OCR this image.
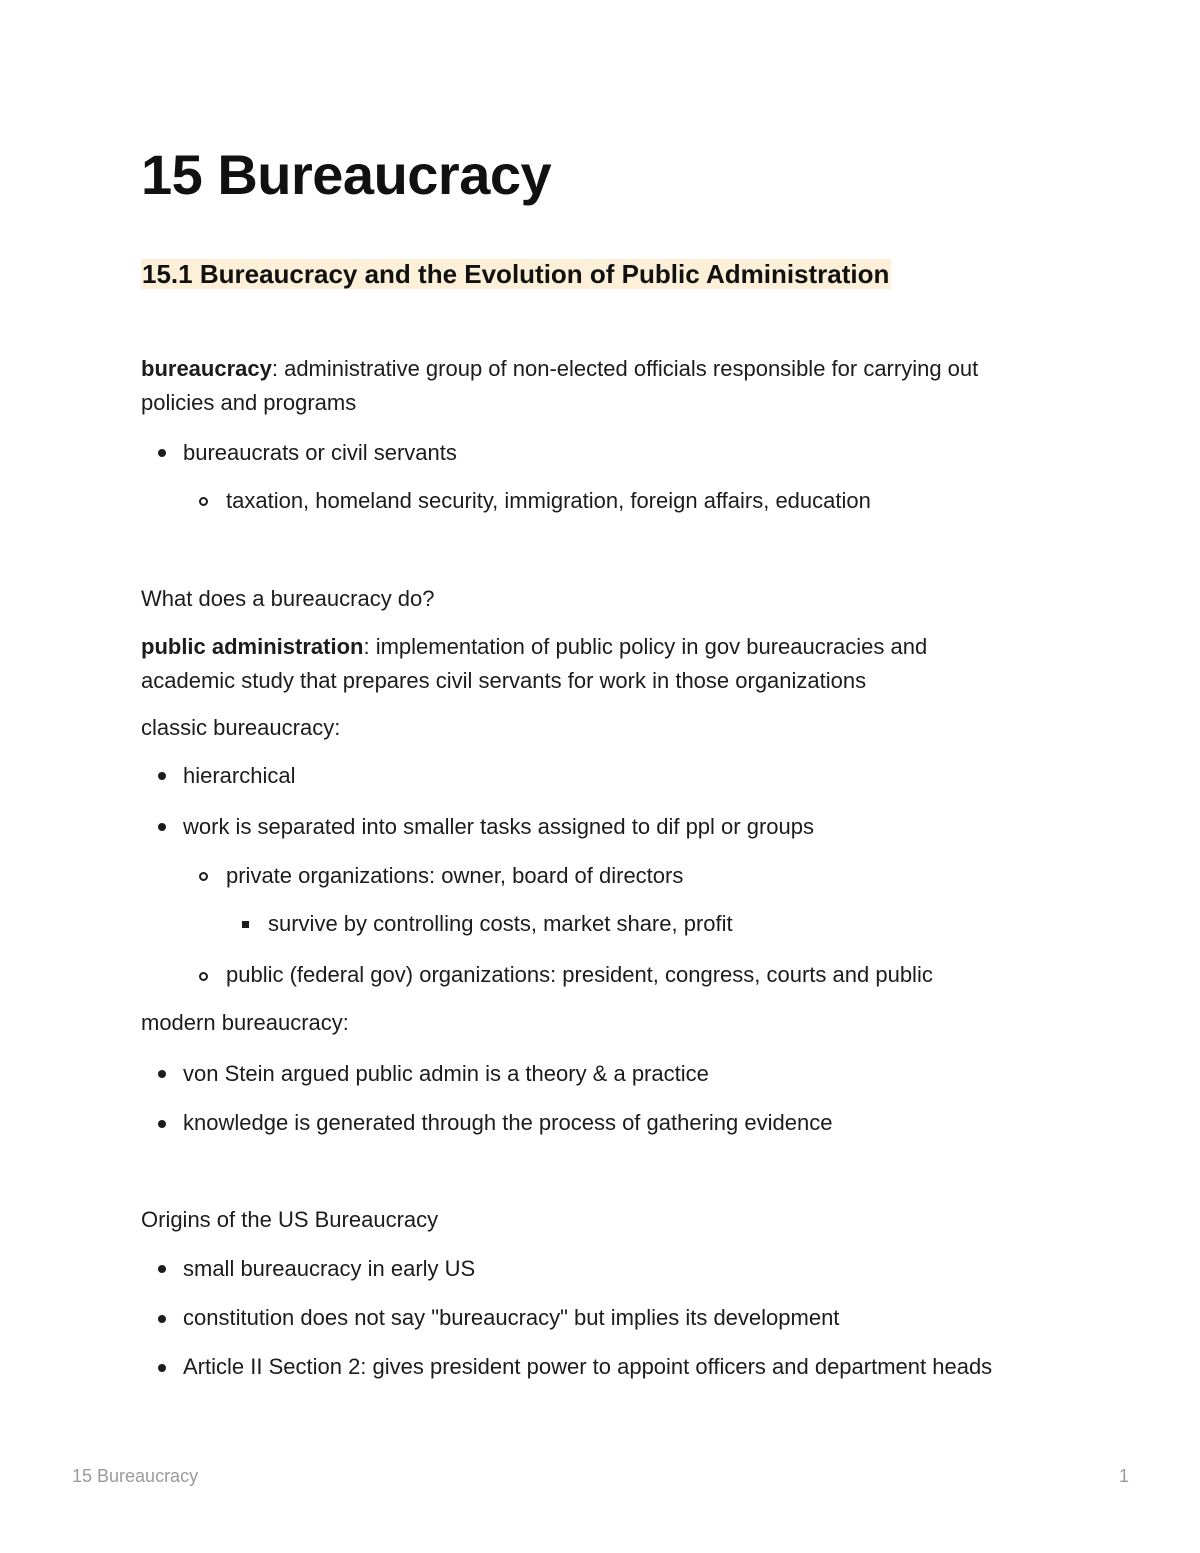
15 Bureaucracy
15.1 Bureaucracy and the Evolution of Public Administration

bureaucracy: administrative group of non-elected officials responsible for carrying out

policies and programs

bureaucrats or civil servants

taxation, homeland security, immigration, foreign affairs, education

What does a bureaucracy do?

public administration: implementation of public policy in gov bureaucracies and

academic study that prepares civil servants for work in those organizations

classic bureaucracy:

hierarchical

work is separated into smaller tasks assigned to dif ppl or groups

private organizations: owner, board of directors

survive by controlling costs, market share, profit

public (federal gov) organizations: president, congress, courts and public

modern bureaucracy:

von Stein argued public admin is a theory & a practice

knowledge is generated through the process of gathering evidence

Origins of the US Bureaucracy

small bureaucracy in early US

constitution does not say "bureaucracy" but implies its development

Article II Section 2: gives president power to appoint officers and department heads

15 Bureaucracy	1
